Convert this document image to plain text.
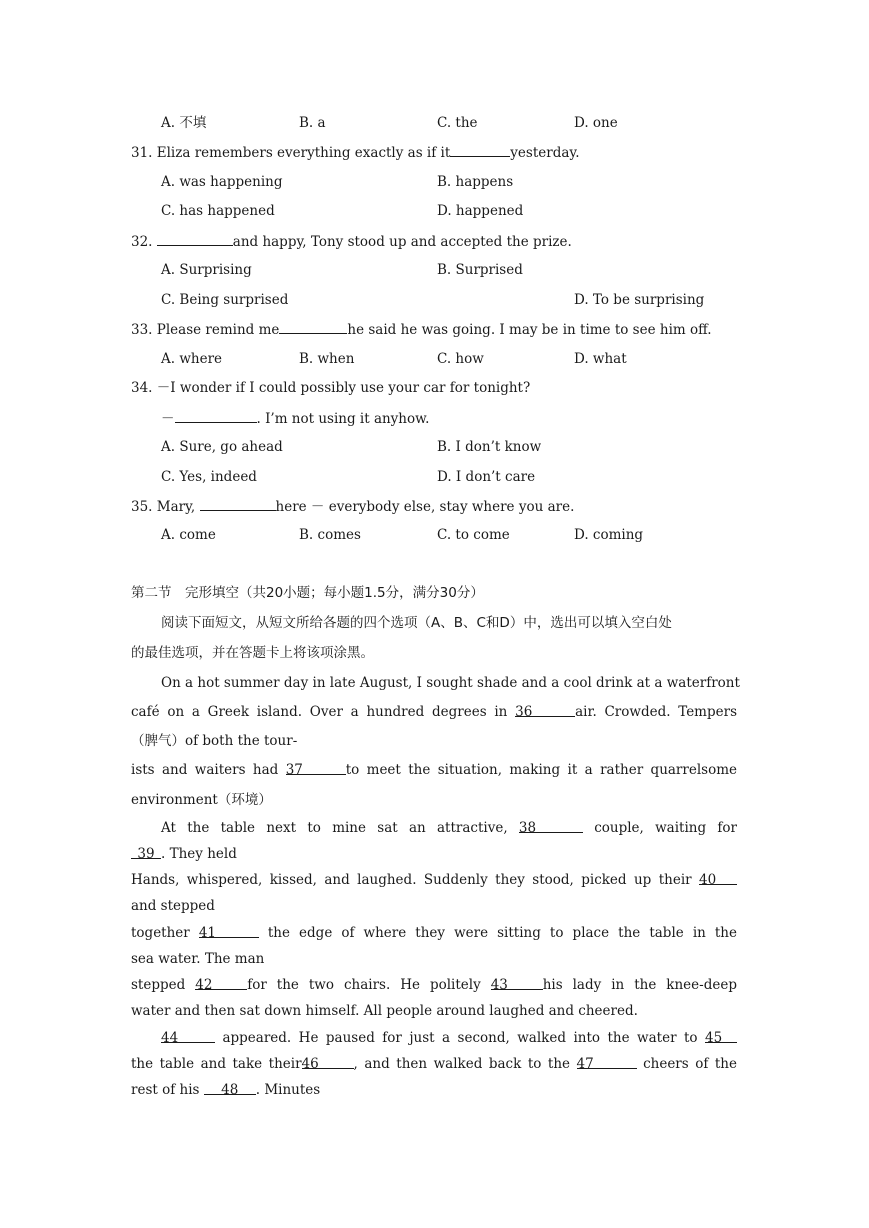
A. 不填	B. a	C. the	D. one
31. Eliza remembers everything exactly as if it	yesterday.
A. was happening	B. happens
C. has happened	D. happened
32.	and happy, Tony stood up and accepted the prize.
A. Surprising	B. Surprised
C. Being surprised	D. To be surprising
33. Please remind me	he said he was going. I may be in time to see him off.
A. where	B. when	C. how	D. what
34. －I wonder if I could possibly use your car for tonight?
－	. I’m not using it anyhow.
A. Sure, go ahead	B. I don’t know
C. Yes, indeed	D. I don’t care
35. Mary,	here － everybody else, stay where you are.
A. come	B. comes	C. to come	D. coming
第二节　完形填空（共20小题；每小题1.5分，满分30分）
阅读下面短文，从短文所给各题的四个选项（A、B、C和D）中，选出可以填入空白处
的最佳选项，并在答题卡上将该项涂黑。
On a hot summer day in late August, I sought shade and a cool drink at a waterfront
café on a Greek island. Over a hundred degrees in 36	air. Crowded. Tempers
（脾气）of both the tour-
ists and waiters had 37	to meet the situation, making it a rather quarrelsome
environment（环境）
At the table next to mine sat an attractive, 38	couple, waiting for
39 . They held
Hands, whispered, kissed, and laughed. Suddenly they stood, picked up their 40
and stepped
together 41	the edge of where they were sitting to place the table in the
sea water. The man
stepped 42	for the two chairs. He politely 43	his lady in the knee-deep
water and then sat down himself. All people around laughed and cheered.
44	appeared. He paused for just a second, walked into the water to 45
the table and take their46	, and then walked back to the 47	cheers of the
rest of his 48 . Minutes
